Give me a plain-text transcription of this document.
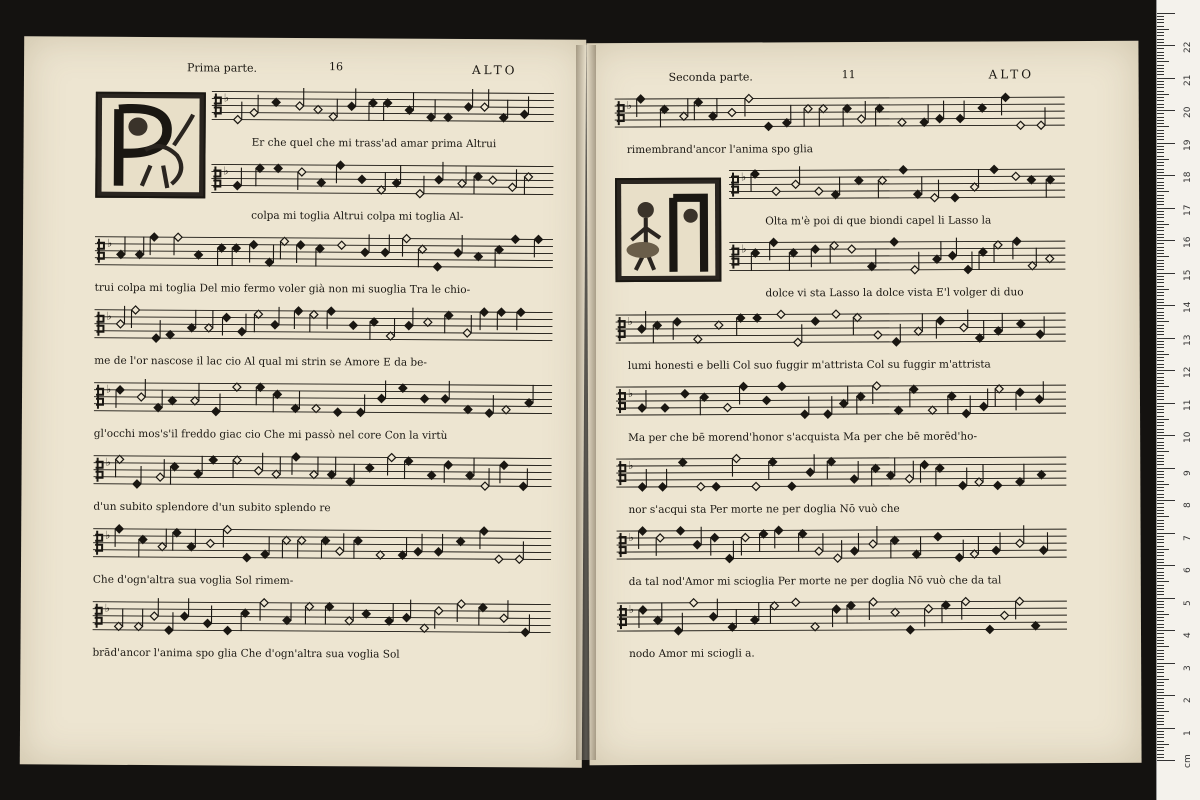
Prima parte.	16	ALTO
♭
Er che quel che mi trass'ad amar prima Altrui
♭
colpa mi toglia Altrui colpa mi toglia Al-
♭
trui colpa mi toglia Del mio fermo voler già non mi suoglia Tra le chio-
♭
me de l'or nascose il lac cio Al qual mi strin se Amore E da be-
♭
gl'occhi mos's'il freddo giac cio Che mi passò nel core Con la virtù
♭
d'un subito splendore d'un subito splendo re
♭
Che d'ogn'altra sua voglia Sol rimem-
♭
brād'ancor l'anima spo glia Che d'ogn'altra sua voglia Sol
Seconda parte.	11	ALTO
♭
rimembrand'ancor l'anima spo glia
♭
Olta m'è poi di que biondi capel li Lasso la
♭
dolce vi sta Lasso la dolce vista E'l volger di duo
♭
lumi honesti e belli Col suo fuggir m'attrista Col su fuggir m'attrista
♭
Ma per che bē morend'honor s'acquista Ma per che bē morēd'ho-
♭
nor s'acqui sta Per morte ne per doglia Nō vuò che
♭
da tal nod'Amor mi scioglia Per morte ne per doglia Nō vuò che da tal
♭
nodo Amor mi sciogli a.
cm
1
2
3
4
5
6
7
8
9
10
11
12
13
14
15
16
17
18
19
20
21
22
